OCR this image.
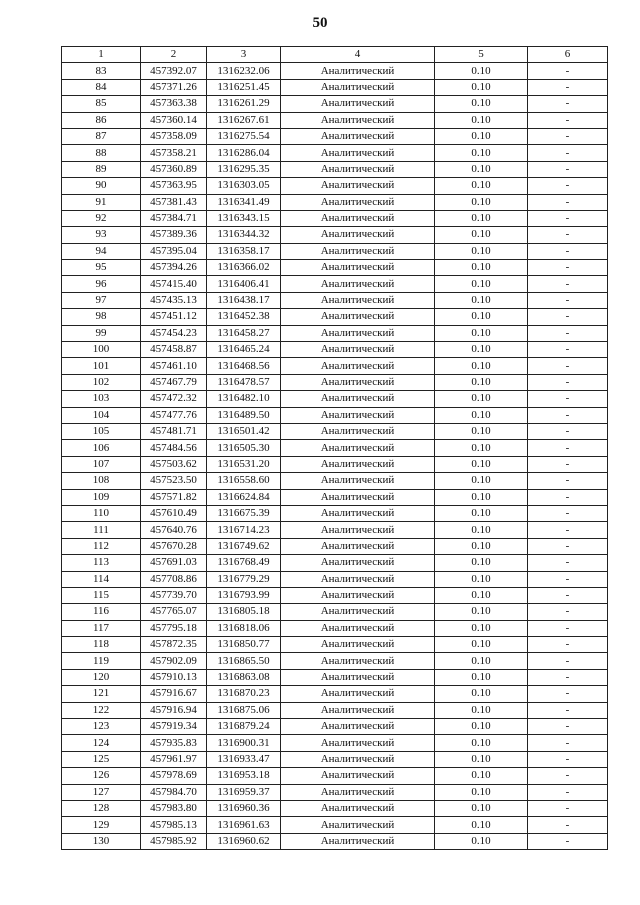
50
1	2	3	4	5	6
83	457392.07	1316232.06	Аналитический	0.10	-
84	457371.26	1316251.45	Аналитический	0.10	-
85	457363.38	1316261.29	Аналитический	0.10	-
86	457360.14	1316267.61	Аналитический	0.10	-
87	457358.09	1316275.54	Аналитический	0.10	-
88	457358.21	1316286.04	Аналитический	0.10	-
89	457360.89	1316295.35	Аналитический	0.10	-
90	457363.95	1316303.05	Аналитический	0.10	-
91	457381.43	1316341.49	Аналитический	0.10	-
92	457384.71	1316343.15	Аналитический	0.10	-
93	457389.36	1316344.32	Аналитический	0.10	-
94	457395.04	1316358.17	Аналитический	0.10	-
95	457394.26	1316366.02	Аналитический	0.10	-
96	457415.40	1316406.41	Аналитический	0.10	-
97	457435.13	1316438.17	Аналитический	0.10	-
98	457451.12	1316452.38	Аналитический	0.10	-
99	457454.23	1316458.27	Аналитический	0.10	-
100	457458.87	1316465.24	Аналитический	0.10	-
101	457461.10	1316468.56	Аналитический	0.10	-
102	457467.79	1316478.57	Аналитический	0.10	-
103	457472.32	1316482.10	Аналитический	0.10	-
104	457477.76	1316489.50	Аналитический	0.10	-
105	457481.71	1316501.42	Аналитический	0.10	-
106	457484.56	1316505.30	Аналитический	0.10	-
107	457503.62	1316531.20	Аналитический	0.10	-
108	457523.50	1316558.60	Аналитический	0.10	-
109	457571.82	1316624.84	Аналитический	0.10	-
110	457610.49	1316675.39	Аналитический	0.10	-
111	457640.76	1316714.23	Аналитический	0.10	-
112	457670.28	1316749.62	Аналитический	0.10	-
113	457691.03	1316768.49	Аналитический	0.10	-
114	457708.86	1316779.29	Аналитический	0.10	-
115	457739.70	1316793.99	Аналитический	0.10	-
116	457765.07	1316805.18	Аналитический	0.10	-
117	457795.18	1316818.06	Аналитический	0.10	-
118	457872.35	1316850.77	Аналитический	0.10	-
119	457902.09	1316865.50	Аналитический	0.10	-
120	457910.13	1316863.08	Аналитический	0.10	-
121	457916.67	1316870.23	Аналитический	0.10	-
122	457916.94	1316875.06	Аналитический	0.10	-
123	457919.34	1316879.24	Аналитический	0.10	-
124	457935.83	1316900.31	Аналитический	0.10	-
125	457961.97	1316933.47	Аналитический	0.10	-
126	457978.69	1316953.18	Аналитический	0.10	-
127	457984.70	1316959.37	Аналитический	0.10	-
128	457983.80	1316960.36	Аналитический	0.10	-
129	457985.13	1316961.63	Аналитический	0.10	-
130	457985.92	1316960.62	Аналитический	0.10	-
